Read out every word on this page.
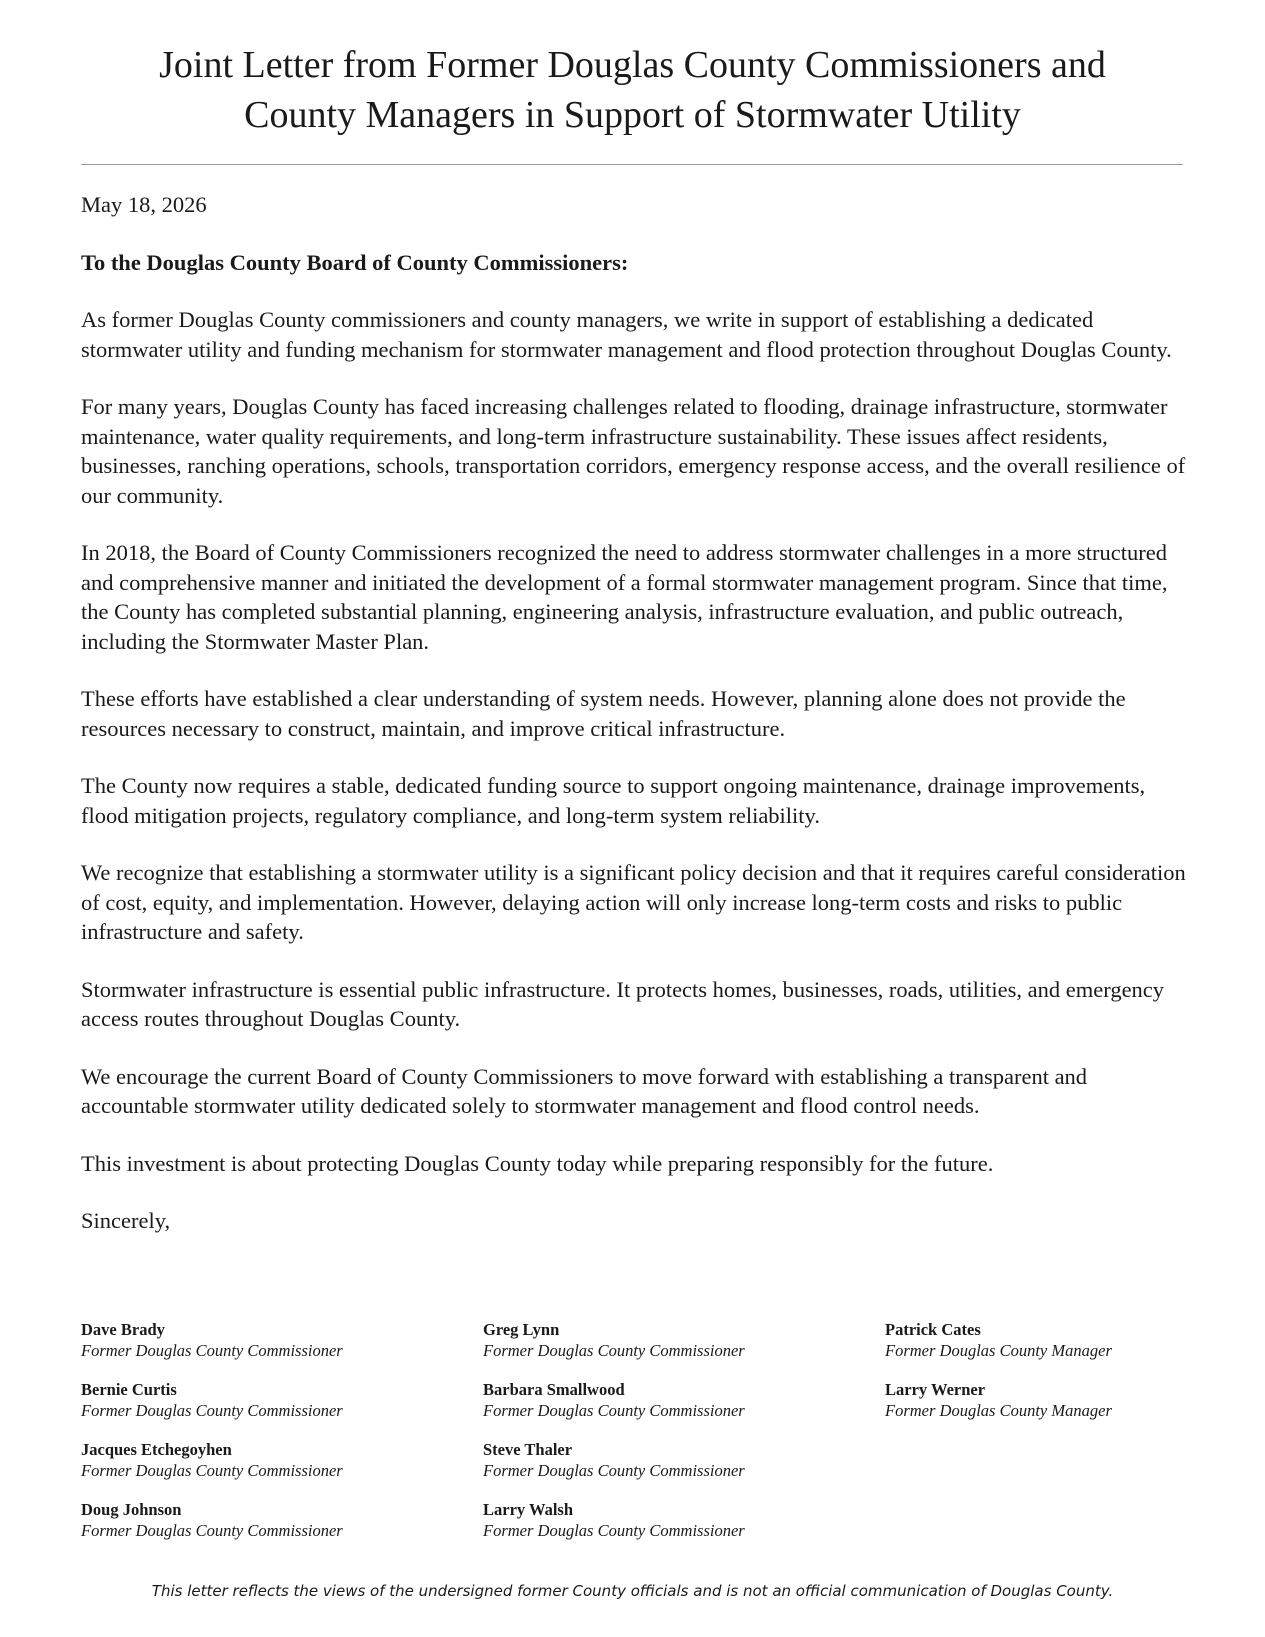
Joint Letter from Former Douglas County Commissioners and
County Managers in Support of Stormwater Utility

May 18, 2026

To the Douglas County Board of County Commissioners:

As former Douglas County commissioners and county managers, we write in support of establishing a dedicated stormwater utility and funding mechanism for stormwater management and flood protection throughout Douglas County.

For many years, Douglas County has faced increasing challenges related to flooding, drainage infrastructure, stormwater maintenance, water quality requirements, and long-term infrastructure sustainability. These issues affect residents, businesses, ranching operations, schools, transportation corridors, emergency response access, and the overall resilience of our community.

In 2018, the Board of County Commissioners recognized the need to address stormwater challenges in a more structured and comprehensive manner and initiated the development of a formal stormwater management program. Since that time, the County has completed substantial planning, engineering analysis, infrastructure evaluation, and public outreach, including the Stormwater Master Plan.

These efforts have established a clear understanding of system needs. However, planning alone does not provide the resources necessary to construct, maintain, and improve critical infrastructure.

The County now requires a stable, dedicated funding source to support ongoing maintenance, drainage improvements, flood mitigation projects, regulatory compliance, and long-term system reliability.

We recognize that establishing a stormwater utility is a significant policy decision and that it requires careful consideration of cost, equity, and implementation. However, delaying action will only increase long-term costs and risks to public infrastructure and safety.

Stormwater infrastructure is essential public infrastructure. It protects homes, businesses, roads, utilities, and emergency access routes throughout Douglas County.

We encourage the current Board of County Commissioners to move forward with establishing a transparent and accountable stormwater utility dedicated solely to stormwater management and flood control needs.

This investment is about protecting Douglas County today while preparing responsibly for the future.

Sincerely,

Dave Brady
Former Douglas County Commissioner
Bernie Curtis
Former Douglas County Commissioner
Jacques Etchegoyhen
Former Douglas County Commissioner
Doug Johnson
Former Douglas County Commissioner
Greg Lynn
Former Douglas County Commissioner
Barbara Smallwood
Former Douglas County Commissioner
Steve Thaler
Former Douglas County Commissioner
Larry Walsh
Former Douglas County Commissioner
Patrick Cates
Former Douglas County Manager
Larry Werner
Former Douglas County Manager
This letter reflects the views of the undersigned former County officials and is not an official communication of Douglas County.
